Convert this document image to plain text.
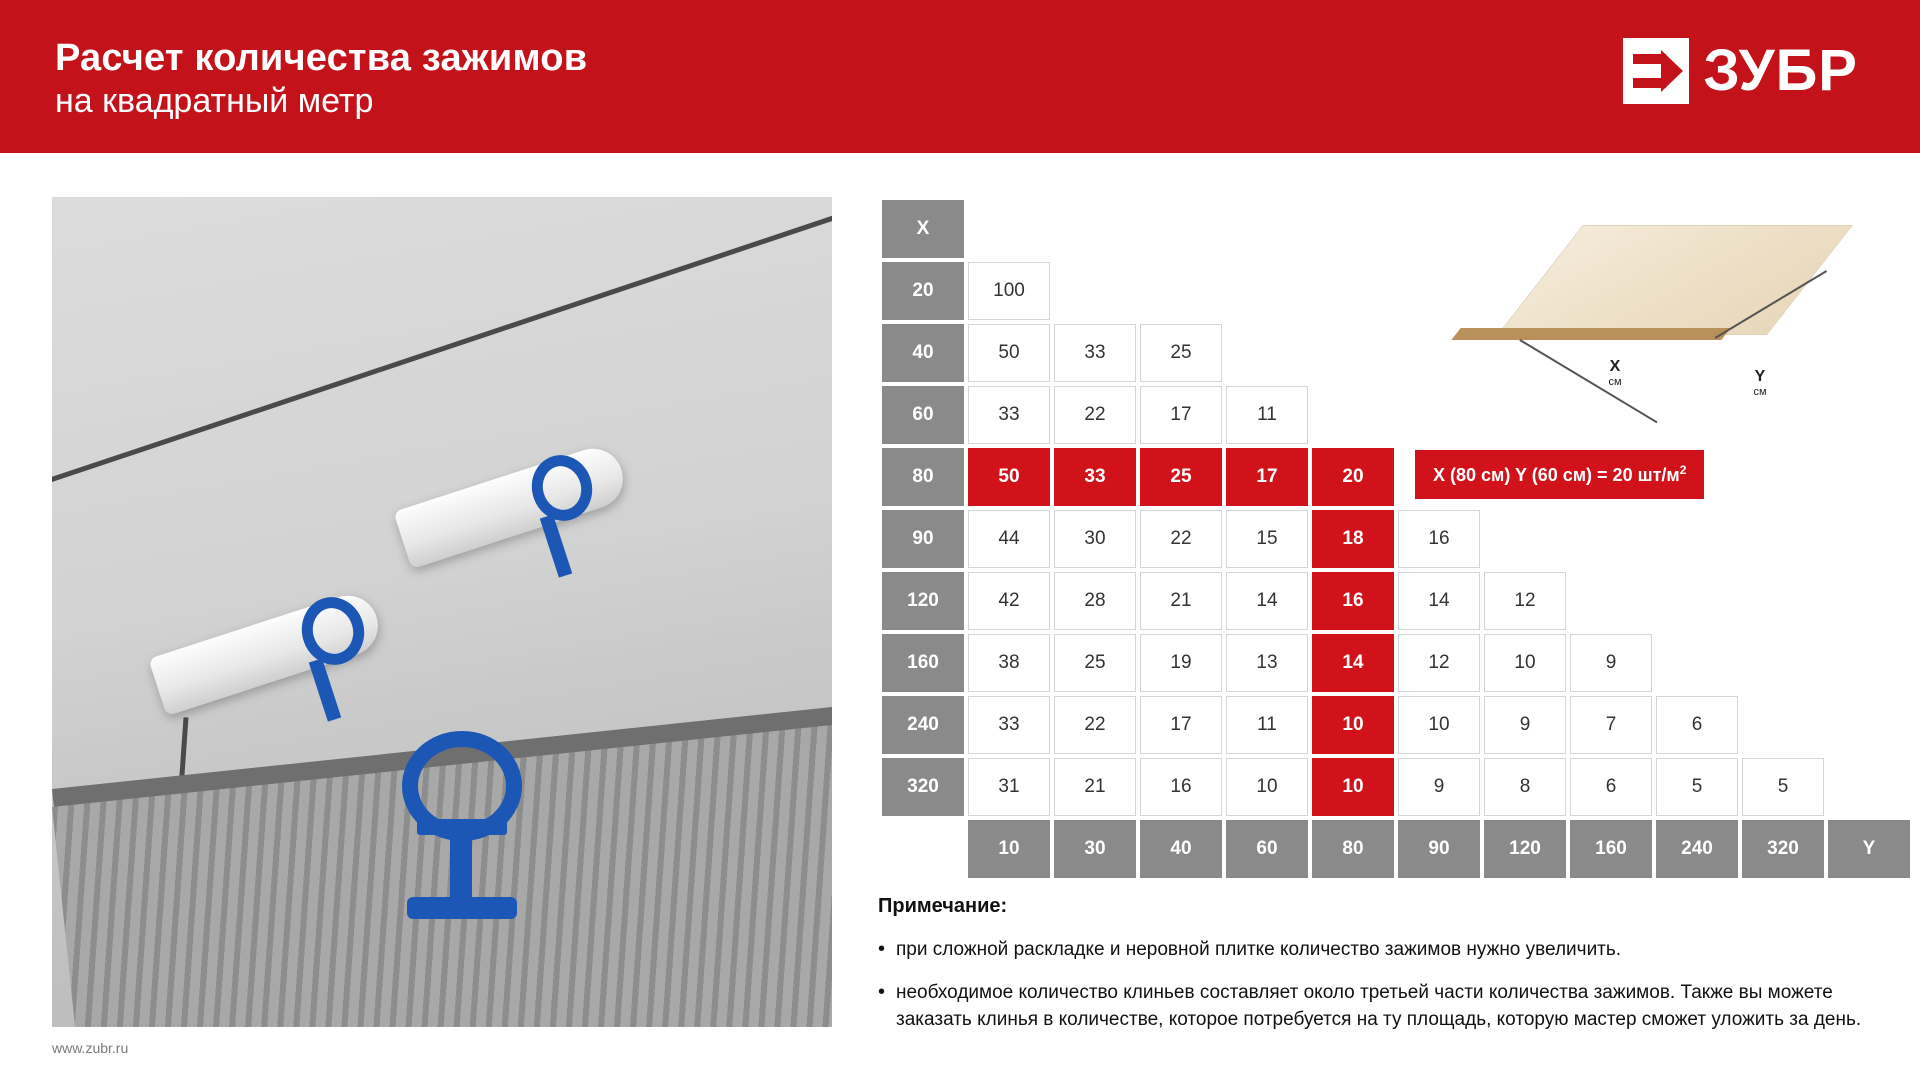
Расчет количества зажимов
на квадратный метр	ЗУБР
www.zubr.ru
X
см	Y
см
X											
20	100										
40	50	33	25								
60	33	22	17	11							
80	50	33	25	17	20						
90	44	30	22	15	18	16					
120	42	28	21	14	16	14	12				
160	38	25	19	13	14	12	10	9			
240	33	22	17	11	10	10	9	7	6		
320	31	21	16	10	10	9	8	6	5	5	
	10	30	40	60	80	90	120	160	240	320	Y
X (80 см) Y (60 см) = 20 $шт/м^2$
Примечание:
• при сложной раскладке и неровной плитке количество зажимов нужно увеличить.
• необходимое количество клиньев составляет около третьей части количества зажимов. Также вы можете заказать клинья в количестве, которое потребуется на ту площадь, которую мастер сможет уложить за день.
